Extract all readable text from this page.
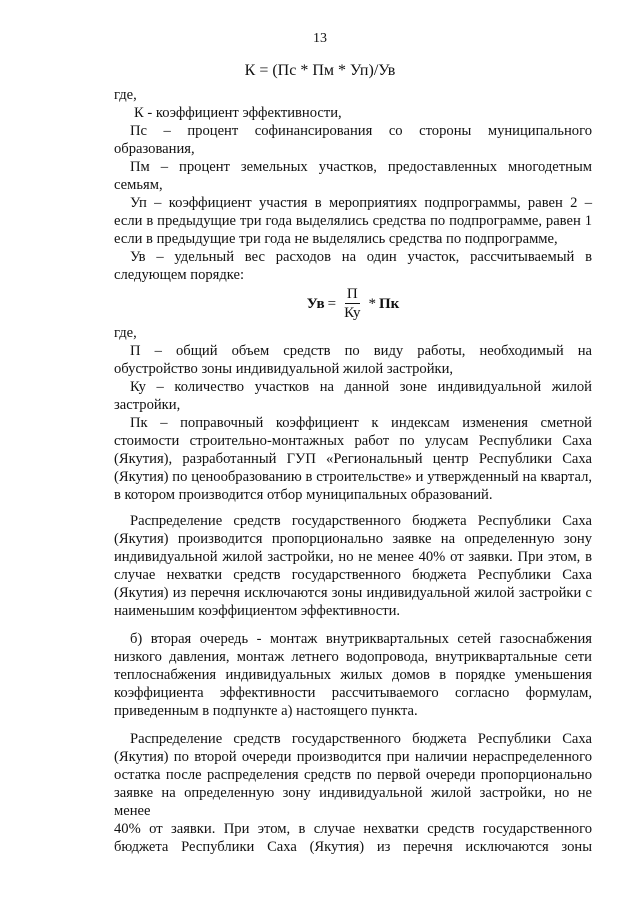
13
К = (Пс * Пм * Уп)/Ув

где,

К - коэффициент эффективности,

Пс – процент софинансирования со стороны муниципального

образования,

Пм – процент земельных участков, предоставленных многодетным

семьям,

Уп – коэффициент участия в мероприятиях подпрограммы, равен 2 –

если в предыдущие три года выделялись средства по подпрограмме, равен 1

если в предыдущие три года не выделялись средства по подпрограмме,

Ув – удельный вес расходов на один участок, рассчитываемый в

следующем порядке:

Ув = $\frac{П}{Ку}$ * Пк

где,

П – общий объем средств по виду работы, необходимый на

обустройство зоны индивидуальной жилой застройки,

Ку – количество участков на данной зоне индивидуальной жилой

застройки,

Пк – поправочный коэффициент к индексам изменения сметной

стоимости строительно-монтажных работ по улусам Республики Саха

(Якутия), разработанный ГУП «Региональный центр Республики Саха

(Якутия) по ценообразованию в строительстве» и утвержденный на квартал,

в котором производится отбор муниципальных образований.

Распределение средств государственного бюджета Республики Саха

(Якутия) производится пропорционально заявке на определенную зону

индивидуальной жилой застройки, но не менее 40% от заявки. При этом, в

случае нехватки средств государственного бюджета Республики Саха

(Якутия) из перечня исключаются зоны индивидуальной жилой застройки с

наименьшим коэффициентом эффективности.

б) вторая очередь - монтаж внутриквартальных сетей газоснабжения

низкого давления, монтаж летнего водопровода, внутриквартальные сети

теплоснабжения индивидуальных жилых домов в порядке уменьшения

коэффициента эффективности рассчитываемого согласно формулам,

приведенным в подпункте а) настоящего пункта.

Распределение средств государственного бюджета Республики Саха

(Якутия) по второй очереди производится при наличии нераспределенного

остатка после распределения средств по первой очереди пропорционально

заявке на определенную зону индивидуальной жилой застройки, но не менее

40% от заявки. При этом, в случае нехватки средств государственного

бюджета Республики Саха (Якутия) из перечня исключаются зоны
